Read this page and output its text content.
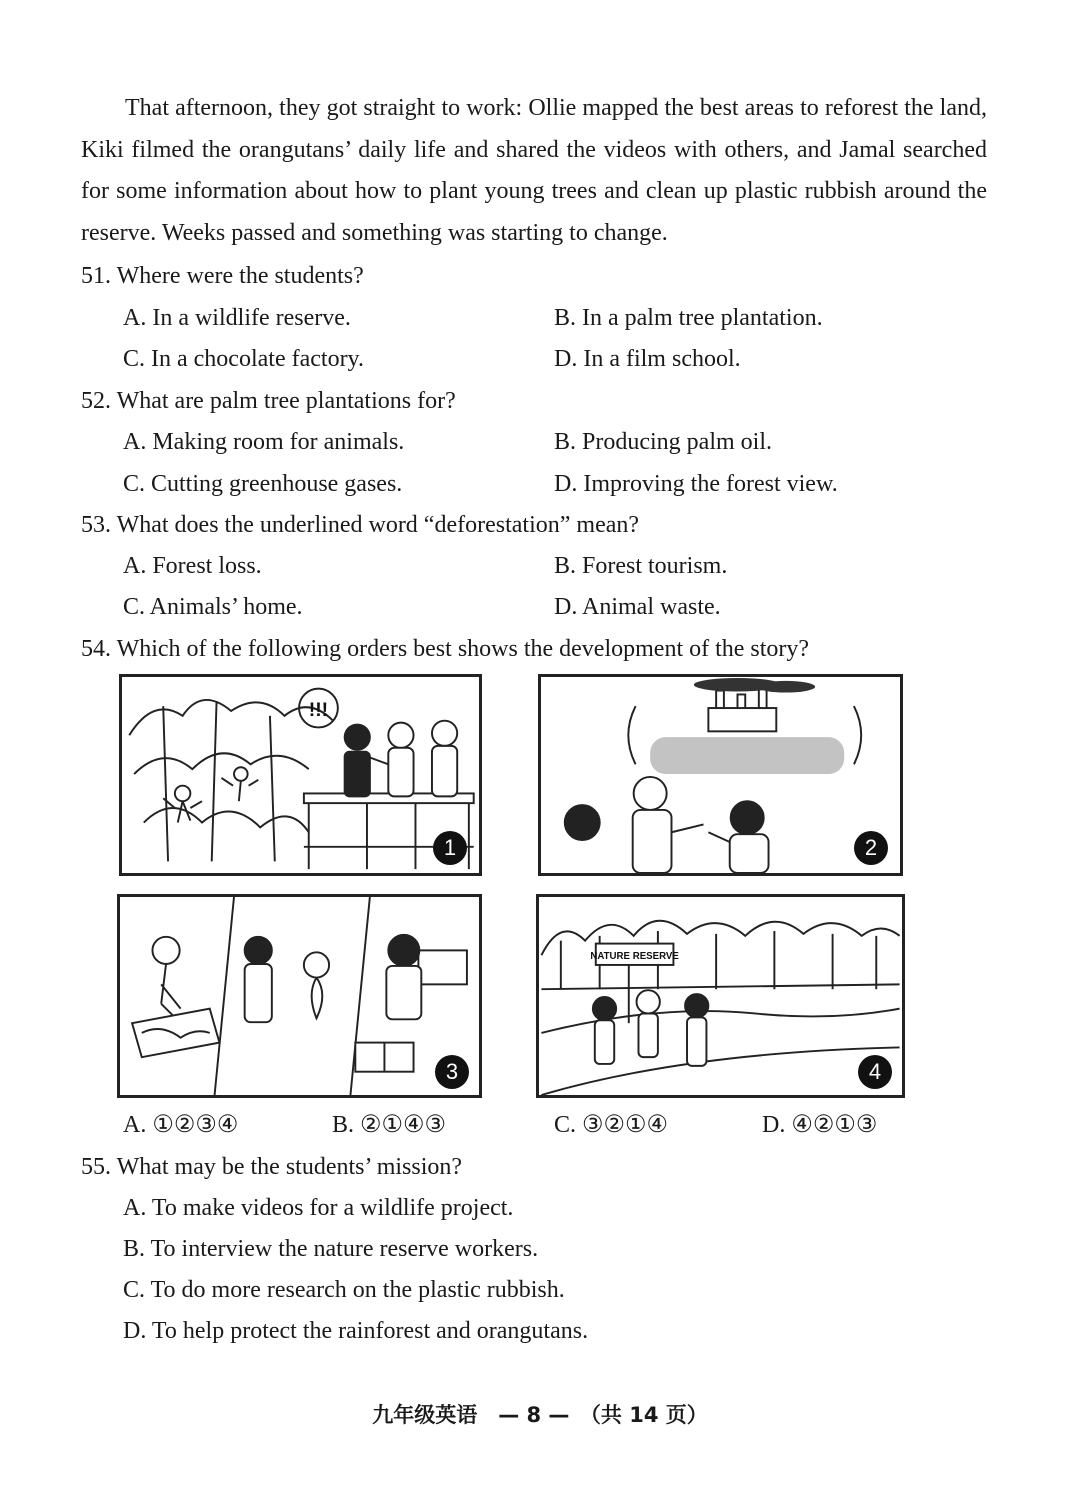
That afternoon, they got straight to work: Ollie mapped the best areas to reforest the land, Kiki filmed the orangutans’ daily life and shared the videos with others, and Jamal searched for some information about how to plant young trees and clean up plastic rubbish around the reserve. Weeks passed and something was starting to change.

51. Where were the students?
A. In a wildlife reserve.	B. In a palm tree plantation.
C. In a chocolate factory.	D. In a film school.
52. What are palm tree plantations for?
A. Making room for animals.	B. Producing palm oil.
C. Cutting greenhouse gases.	D. Improving the forest view.
53. What does the underlined word “deforestation” mean?
A. Forest loss.	B. Forest tourism.
C. Animals’ home.	D. Animal waste.
54. Which of the following orders best shows the development of the story?
!!!
1	2
3
NATURE RESERVE
4
A. ①②③④	B. ②①④③	C. ③②①④	D. ④②①③
55. What may be the students’ mission?
A. To make videos for a wildlife project.
B. To interview the nature reserve workers.
C. To do more research on the plastic rubbish.
D. To help protect the rainforest and orangutans.
九年级英语　— 8 —　（共 14 页）
